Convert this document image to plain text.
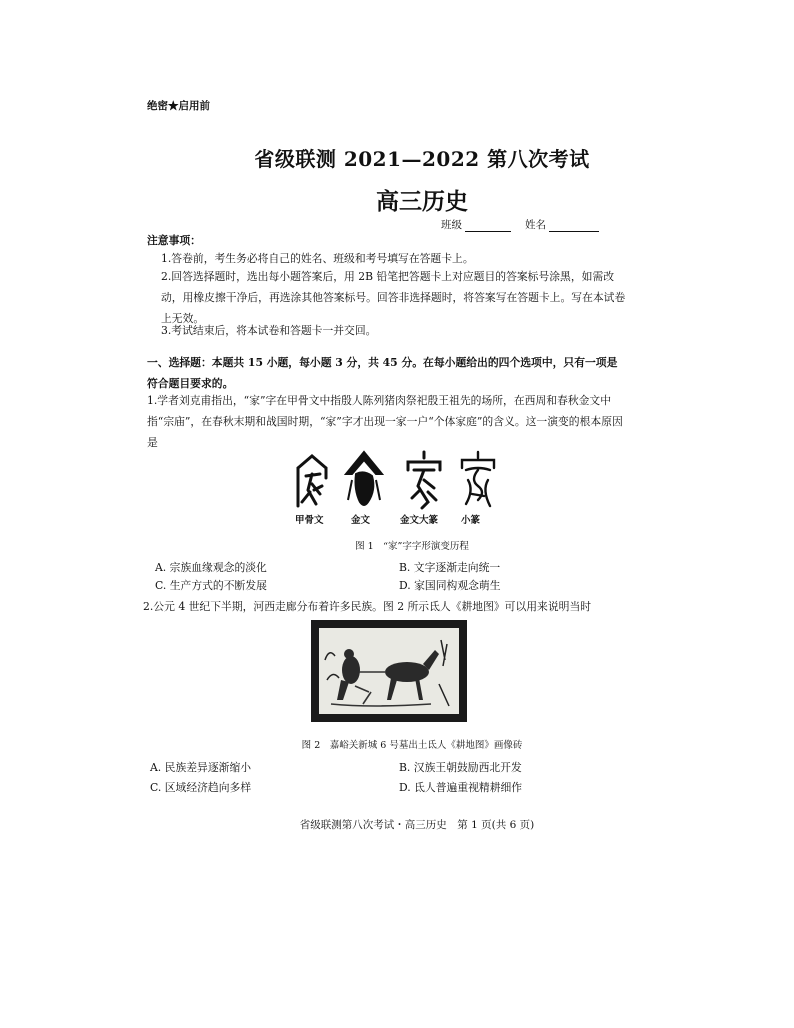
绝密★启用前
省级联测 2021—2022 第八次考试
高三历史
班级	姓名
注意事项：
1.答卷前，考生务必将自己的姓名、班级和考号填写在答题卡上。
2.回答选择题时，选出每小题答案后，用 2B 铅笔把答题卡上对应题目的答案标号涂黑，如需改动，用橡皮擦干净后，再选涂其他答案标号。回答非选择题时，将答案写在答题卡上。写在本试卷上无效。
3.考试结束后，将本试卷和答题卡一并交回。
一、选择题：本题共 15 小题，每小题 3 分，共 45 分。在每小题给出的四个选项中，只有一项是符合题目要求的。
1.学者刘克甫指出，“家”字在甲骨文中指殷人陈列猪肉祭祀殷王祖先的场所，在西周和春秋金文中指“宗庙”，在春秋末期和战国时期，“家”字才出现一家一户“个体家庭”的含义。这一演变的根本原因是
甲骨文	金文	金文大篆 小篆
图 1　“家”字字形演变历程
A. 宗族血缘观念的淡化	B. 文字逐渐走向统一
C. 生产方式的不断发展	D. 家国同构观念萌生
2.公元 4 世纪下半期，河西走廊分布着许多民族。图 2 所示氐人《耕地图》可以用来说明当时
图 2　嘉峪关新城 6 号墓出土氐人《耕地图》画像砖
A. 民族差异逐渐缩小	B. 汉族王朝鼓励西北开发
C. 区域经济趋向多样	D. 氐人普遍重视精耕细作
省级联测第八次考试・高三历史　第 1 页(共 6 页)
